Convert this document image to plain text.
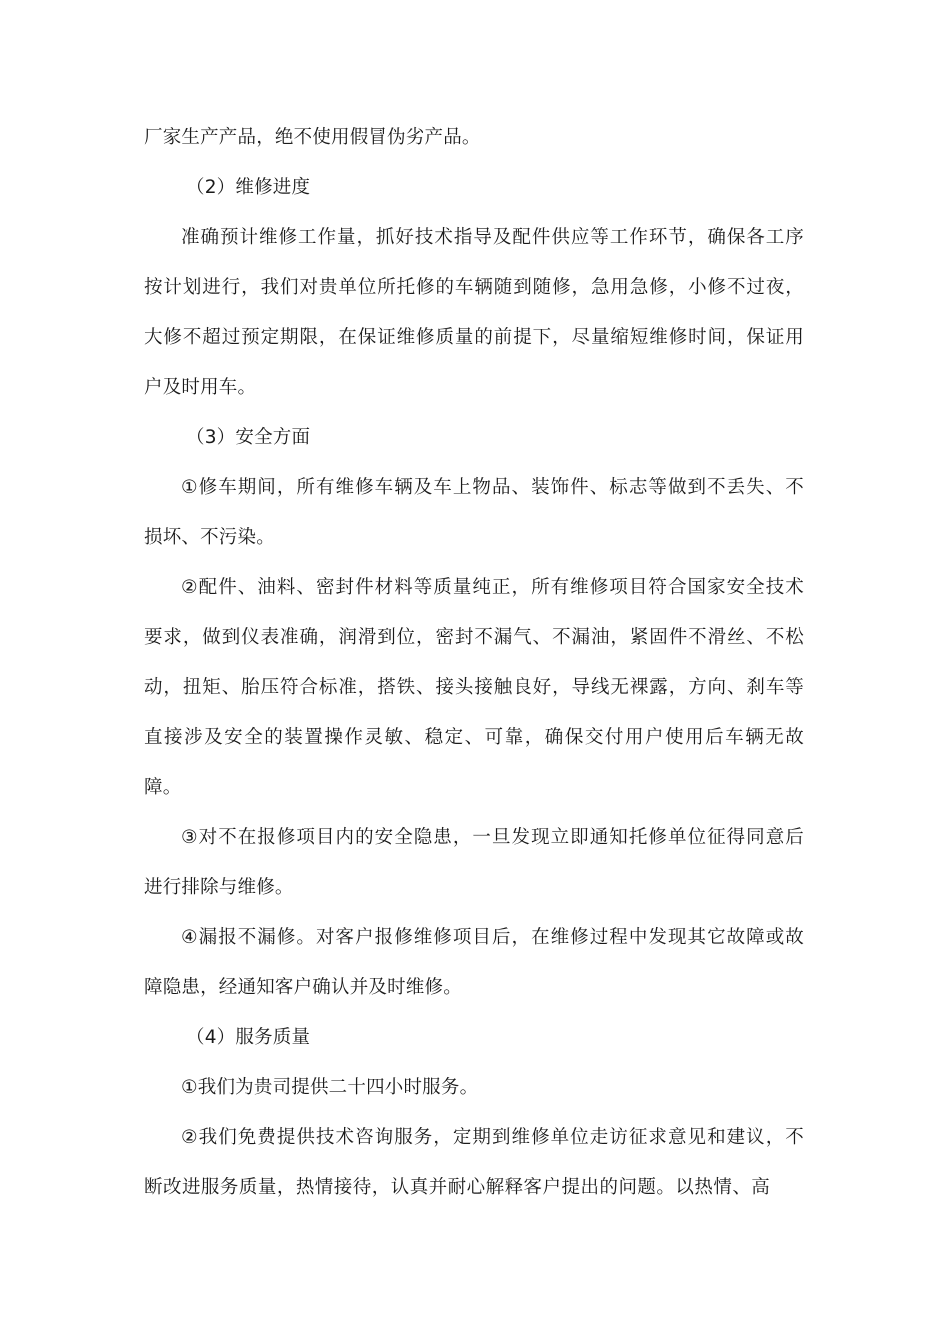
厂家生产产品，绝不使用假冒伪劣产品。
（2）维修进度
准确预计维修工作量，抓好技术指导及配件供应等工作环节，确保各工序
按计划进行，我们对贵单位所托修的车辆随到随修，急用急修，小修不过夜，
大修不超过预定期限，在保证维修质量的前提下，尽量缩短维修时间，保证用
户及时用车。
（3）安全方面
①修车期间，所有维修车辆及车上物品、装饰件、标志等做到不丢失、不
损坏、不污染。
②配件、油料、密封件材料等质量纯正，所有维修项目符合国家安全技术
要求，做到仪表准确，润滑到位，密封不漏气、不漏油，紧固件不滑丝、不松
动，扭矩、胎压符合标准，搭铁、接头接触良好，导线无裸露，方向、刹车等
直接涉及安全的装置操作灵敏、稳定、可靠，确保交付用户使用后车辆无故
障。
③对不在报修项目内的安全隐患，一旦发现立即通知托修单位征得同意后
进行排除与维修。
④漏报不漏修。对客户报修维修项目后，在维修过程中发现其它故障或故
障隐患，经通知客户确认并及时维修。
（4）服务质量
①我们为贵司提供二十四小时服务。
②我们免费提供技术咨询服务，定期到维修单位走访征求意见和建议，不
断改进服务质量，热情接待，认真并耐心解释客户提出的问题。以热情、高
